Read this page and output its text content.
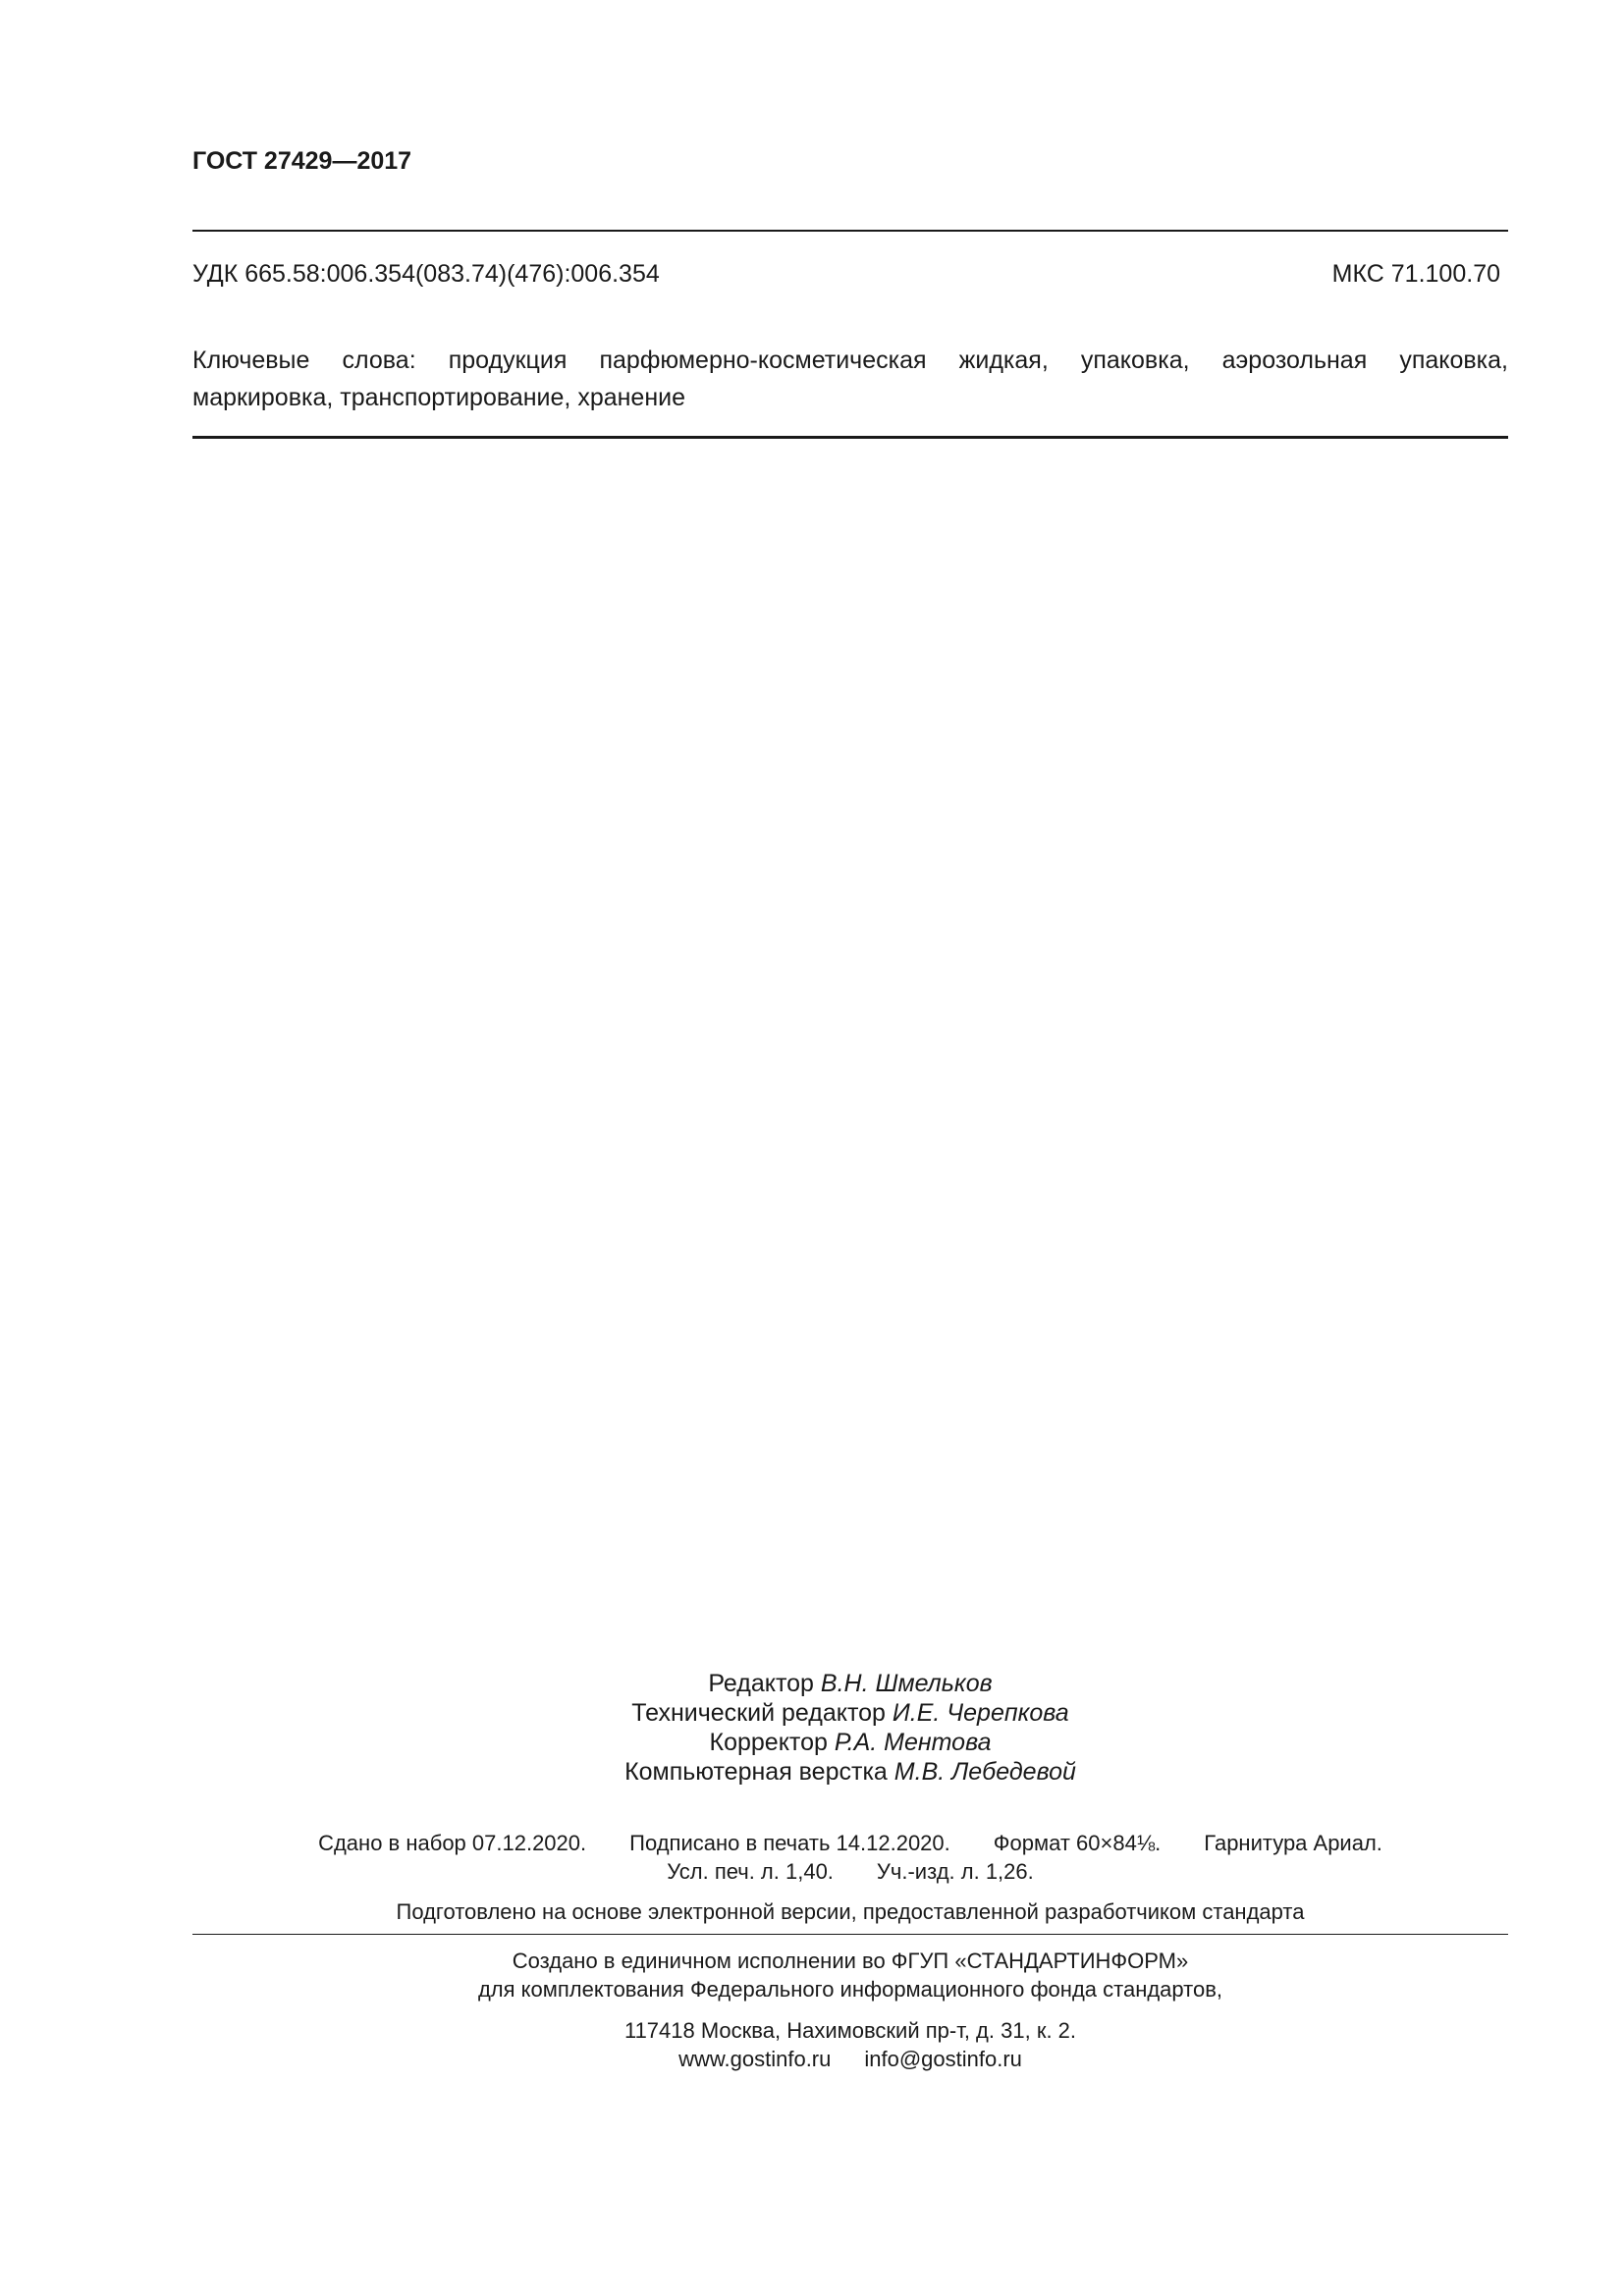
ГОСТ 27429—2017
УДК 665.58:006.354(083.74)(476):006.354	МКС 71.100.70
Ключевые слова: продукция парфюмерно-косметическая жидкая, упаковка, аэрозольная упаковка,
маркировка, транспортирование, хранение
Редактор В.Н. Шмельков
Технический редактор И.Е. Черепкова
Корректор Р.А. Ментова
Компьютерная верстка М.В. Лебедевой
Сдано в набор 07.12.2020. Подписано в печать 14.12.2020. Формат 60×84⅛. Гарнитура Ариал.
Усл. печ. л. 1,40. Уч.-изд. л. 1,26.
Подготовлено на основе электронной версии, предоставленной разработчиком стандарта
Создано в единичном исполнении во ФГУП «СТАНДАРТИНФОРМ»
для комплектования Федерального информационного фонда стандартов,
117418 Москва, Нахимовский пр-т, д. 31, к. 2.
www.gostinfo.ru info@gostinfo.ru
